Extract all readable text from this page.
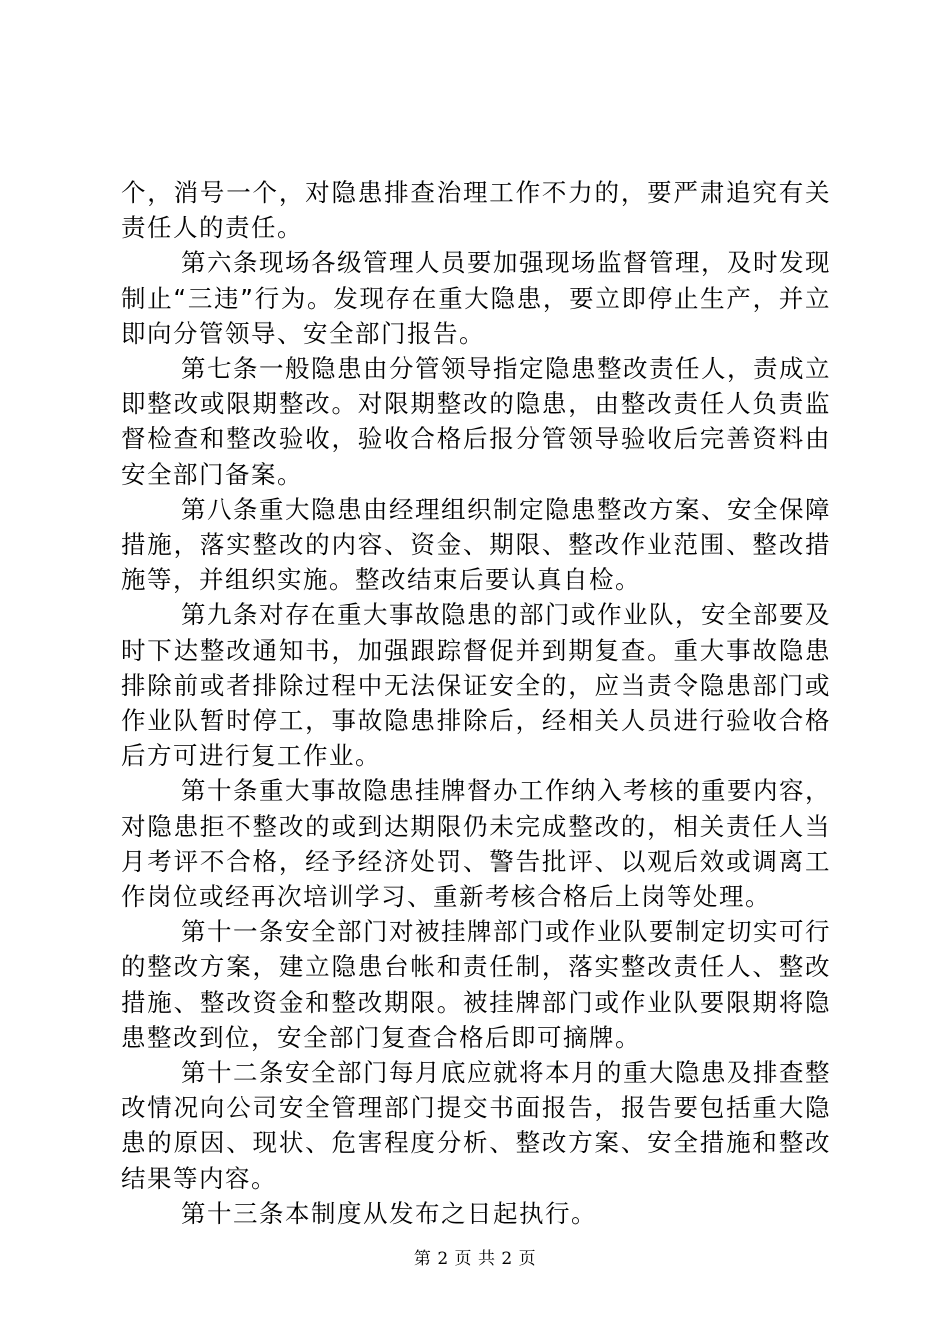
个，消号一个，对隐患排查治理工作不力的，要严肃追究有关责任人的责任。

第六条现场各级管理人员要加强现场监督管理，及时发现制止“三违”行为。发现存在重大隐患，要立即停止生产，并立即向分管领导、安全部门报告。

第七条一般隐患由分管领导指定隐患整改责任人，责成立即整改或限期整改。对限期整改的隐患，由整改责任人负责监督检查和整改验收，验收合格后报分管领导验收后完善资料由安全部门备案。

第八条重大隐患由经理组织制定隐患整改方案、安全保障措施，落实整改的内容、资金、期限、整改作业范围、整改措施等，并组织实施。整改结束后要认真自检。

第九条对存在重大事故隐患的部门或作业队，安全部要及时下达整改通知书，加强跟踪督促并到期复查。重大事故隐患排除前或者排除过程中无法保证安全的，应当责令隐患部门或作业队暂时停工，事故隐患排除后，经相关人员进行验收合格后方可进行复工作业。

第十条重大事故隐患挂牌督办工作纳入考核的重要内容，对隐患拒不整改的或到达期限仍未完成整改的，相关责任人当月考评不合格，经予经济处罚、警告批评、以观后效或调离工作岗位或经再次培训学习、重新考核合格后上岗等处理。

第十一条安全部门对被挂牌部门或作业队要制定切实可行的整改方案，建立隐患台帐和责任制，落实整改责任人、整改措施、整改资金和整改期限。被挂牌部门或作业队要限期将隐患整改到位，安全部门复查合格后即可摘牌。

第十二条安全部门每月底应就将本月的重大隐患及排查整改情况向公司安全管理部门提交书面报告，报告要包括重大隐患的原因、现状、危害程度分析、整改方案、安全措施和整改结果等内容。

第十三条本制度从发布之日起执行。

第 2 页 共 2 页
